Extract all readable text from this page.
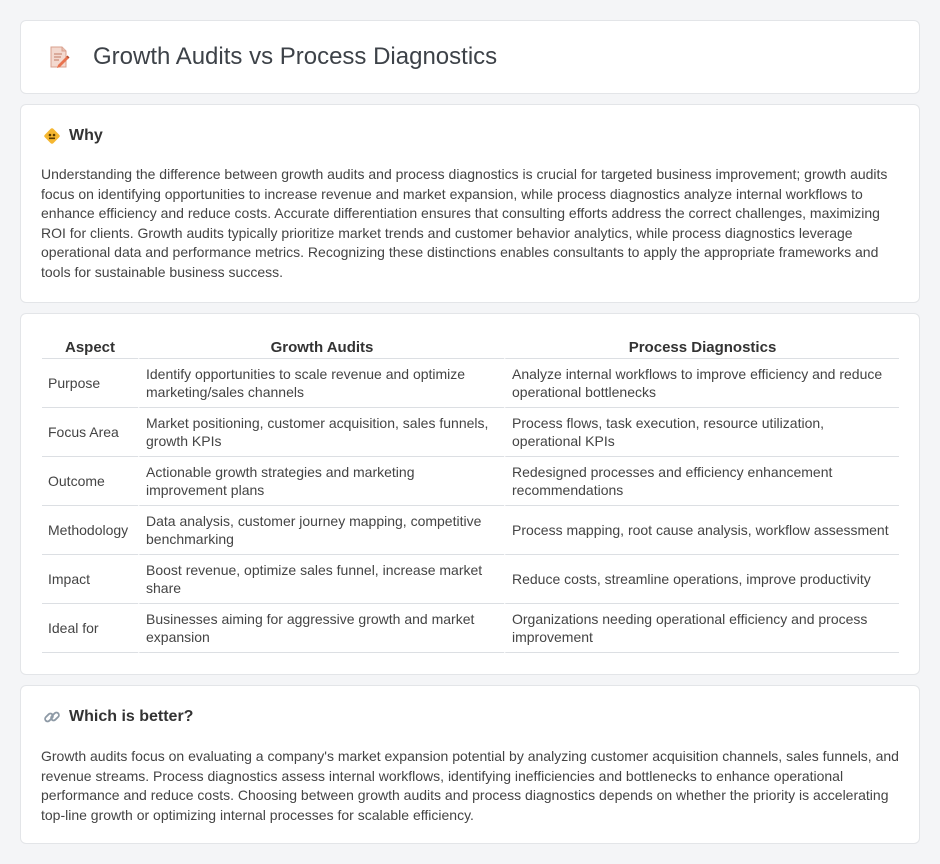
Growth Audits vs Process Diagnostics
Why

Understanding the difference between growth audits and process diagnostics is crucial for targeted business improvement; growth audits focus on identifying opportunities to increase revenue and market expansion, while process diagnostics analyze internal workflows to enhance efficiency and reduce costs. Accurate differentiation ensures that consulting efforts address the correct challenges, maximizing ROI for clients. Growth audits typically prioritize market trends and customer behavior analytics, while process diagnostics leverage operational data and performance metrics. Recognizing these distinctions enables consultants to apply the appropriate frameworks and tools for sustainable business success.

Aspect	Growth Audits	Process Diagnostics
Purpose	Identify opportunities to scale revenue and optimize marketing/sales channels	Analyze internal workflows to improve efficiency and reduce operational bottlenecks
Focus Area	Market positioning, customer acquisition, sales funnels, growth KPIs	Process flows, task execution, resource utilization, operational KPIs
Outcome	Actionable growth strategies and marketing improvement plans	Redesigned processes and efficiency enhancement recommendations
Methodology	Data analysis, customer journey mapping, competitive benchmarking	Process mapping, root cause analysis, workflow assessment
Impact	Boost revenue, optimize sales funnel, increase market share	Reduce costs, streamline operations, improve productivity
Ideal for	Businesses aiming for aggressive growth and market expansion	Organizations needing operational efficiency and process improvement
Which is better?

Growth audits focus on evaluating a company's market expansion potential by analyzing customer acquisition channels, sales funnels, and revenue streams. Process diagnostics assess internal workflows, identifying inefficiencies and bottlenecks to enhance operational performance and reduce costs. Choosing between growth audits and process diagnostics depends on whether the priority is accelerating top-line growth or optimizing internal processes for scalable efficiency.
